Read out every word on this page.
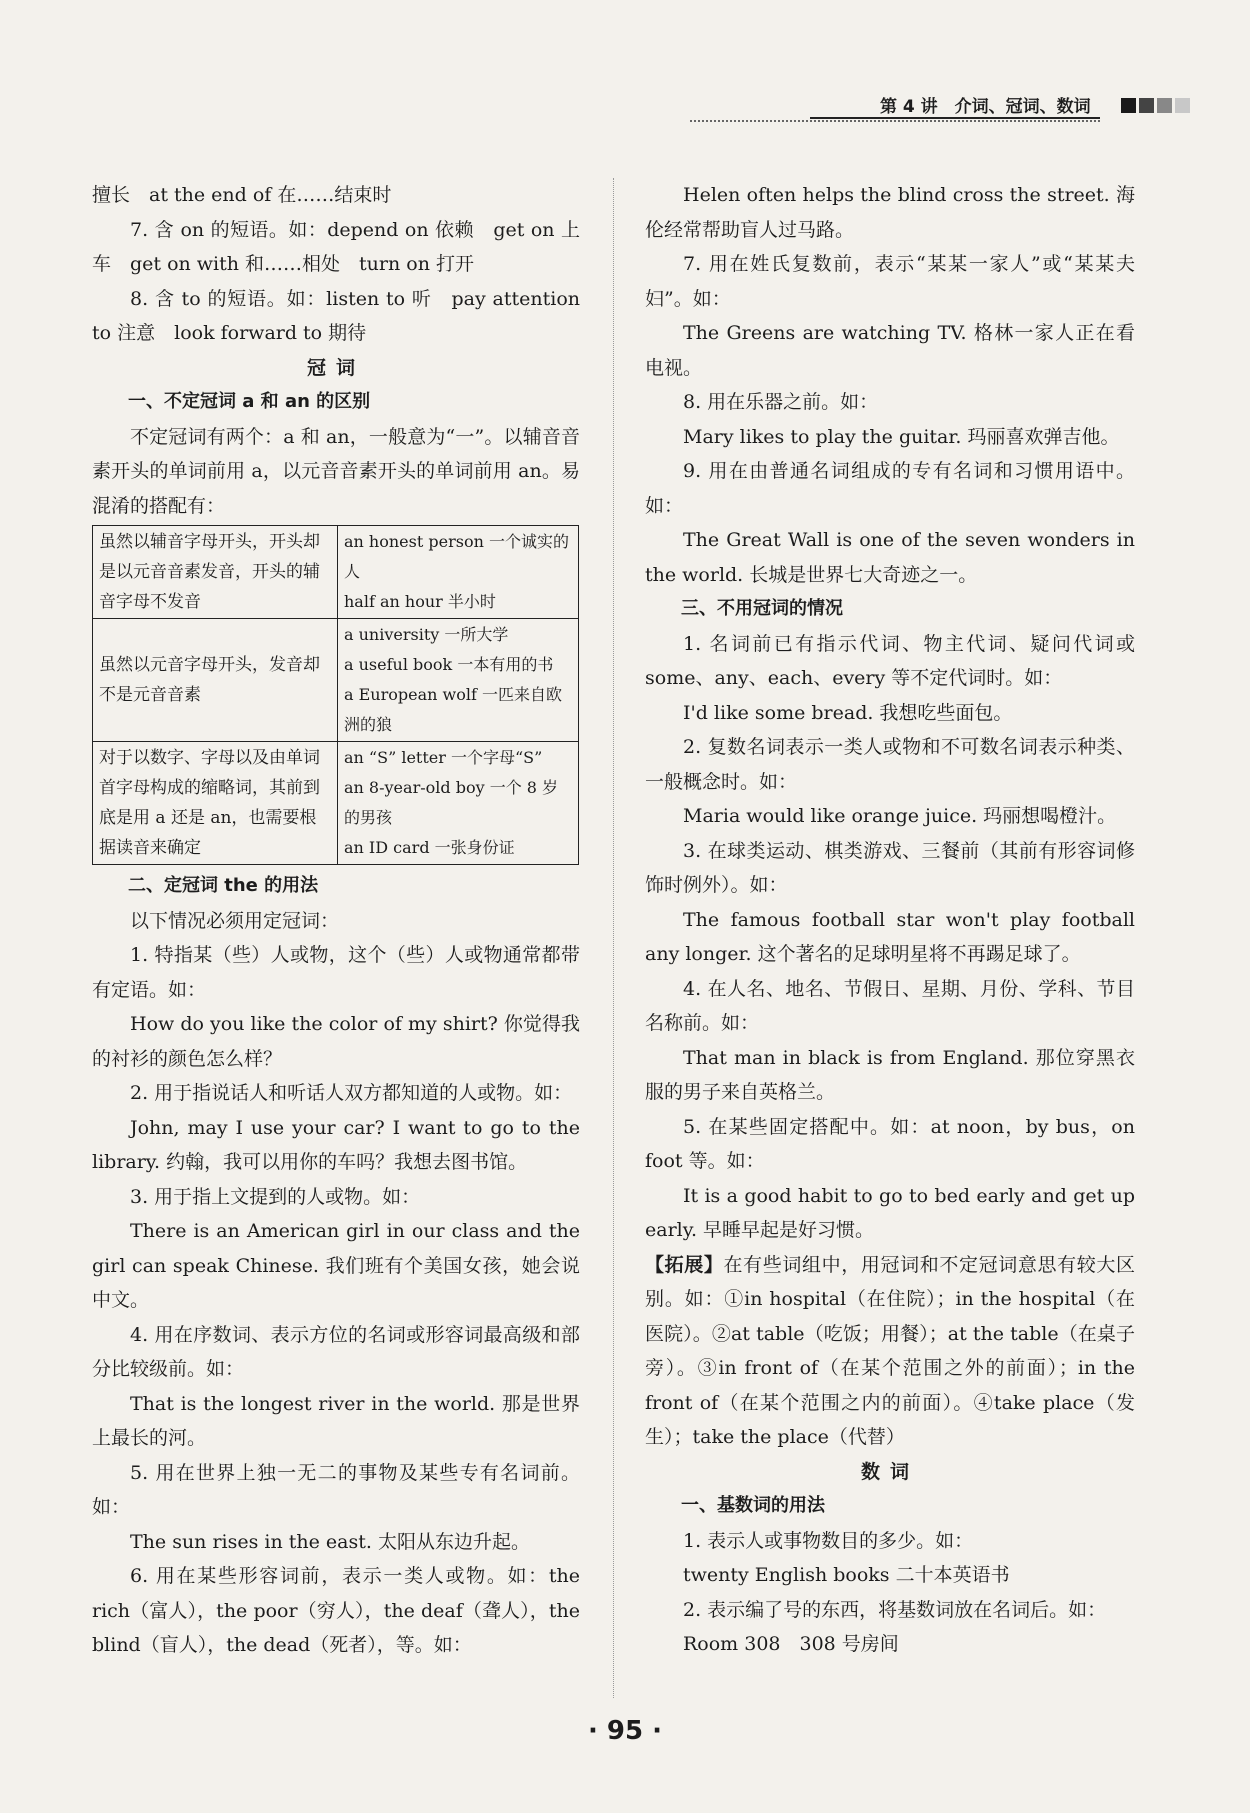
第 4 讲　介词、冠词、数词

擅长　at the end of 在……结束时

7. 含 on 的短语。如：depend on 依赖　get on 上车　get on with 和……相处　turn on 打开

8. 含 to 的短语。如：listen to 听　pay attention to 注意　look forward to 期待

冠词

一、不定冠词 a 和 an 的区别

不定冠词有两个：a 和 an，一般意为“一”。以辅音音素开头的单词前用 a，以元音音素开头的单词前用 an。易混淆的搭配有：

虽然以辅音字母开头，开头却是以元音音素发音，开头的辅音字母不发音	an honest person 一个诚实的人
half an hour 半小时

虽然以元音字母开头，发音却不是元音音素	a university 一所大学
a useful book 一本有用的书
a European wolf 一匹来自欧洲的狼

对于以数字、字母以及由单词首字母构成的缩略词，其前到底是用 a 还是 an，也需要根据读音来确定	an “S” letter 一个字母“S”
an 8-year-old boy 一个 8 岁的男孩
an ID card 一张身份证

二、定冠词 the 的用法

以下情况必须用定冠词：

1. 特指某（些）人或物，这个（些）人或物通常都带有定语。如：

How do you like the color of my shirt? 你觉得我的衬衫的颜色怎么样？

2. 用于指说话人和听话人双方都知道的人或物。如：

John, may I use your car? I want to go to the library. 约翰，我可以用你的车吗？我想去图书馆。

3. 用于指上文提到的人或物。如：

There is an American girl in our class and the girl can speak Chinese. 我们班有个美国女孩，她会说中文。

4. 用在序数词、表示方位的名词或形容词最高级和部分比较级前。如：

That is the longest river in the world. 那是世界上最长的河。

5. 用在世界上独一无二的事物及某些专有名词前。如：

The sun rises in the east. 太阳从东边升起。

6. 用在某些形容词前，表示一类人或物。如：the rich（富人），the poor（穷人），the deaf（聋人），the blind（盲人），the dead（死者），等。如：

Helen often helps the blind cross the street. 海伦经常帮助盲人过马路。

7. 用在姓氏复数前，表示“某某一家人”或“某某夫妇”。如：

The Greens are watching TV. 格林一家人正在看电视。

8. 用在乐器之前。如：

Mary likes to play the guitar. 玛丽喜欢弹吉他。

9. 用在由普通名词组成的专有名词和习惯用语中。如：

The Great Wall is one of the seven wonders in the world. 长城是世界七大奇迹之一。

三、不用冠词的情况

1. 名词前已有指示代词、物主代词、疑问代词或 some、any、each、every 等不定代词时。如：

I'd like some bread. 我想吃些面包。

2. 复数名词表示一类人或物和不可数名词表示种类、一般概念时。如：

Maria would like orange juice. 玛丽想喝橙汁。

3. 在球类运动、棋类游戏、三餐前（其前有形容词修饰时例外）。如：

The famous football star won't play football any longer. 这个著名的足球明星将不再踢足球了。

4. 在人名、地名、节假日、星期、月份、学科、节目名称前。如：

That man in black is from England. 那位穿黑衣服的男子来自英格兰。

5. 在某些固定搭配中。如：at noon，by bus，on foot 等。如：

It is a good habit to go to bed early and get up early. 早睡早起是好习惯。

【拓展】在有些词组中，用冠词和不定冠词意思有较大区别。如：①in hospital（在住院）；in the hospital（在医院）。②at table（吃饭；用餐）；at the table（在桌子旁）。③in front of（在某个范围之外的前面）；in the front of（在某个范围之内的前面）。④take place（发生）；take the place（代替）

数词

一、基数词的用法

1. 表示人或事物数目的多少。如：

twenty English books 二十本英语书

2. 表示编了号的东西，将基数词放在名词后。如：

Room 308　308 号房间

· 95 ·
